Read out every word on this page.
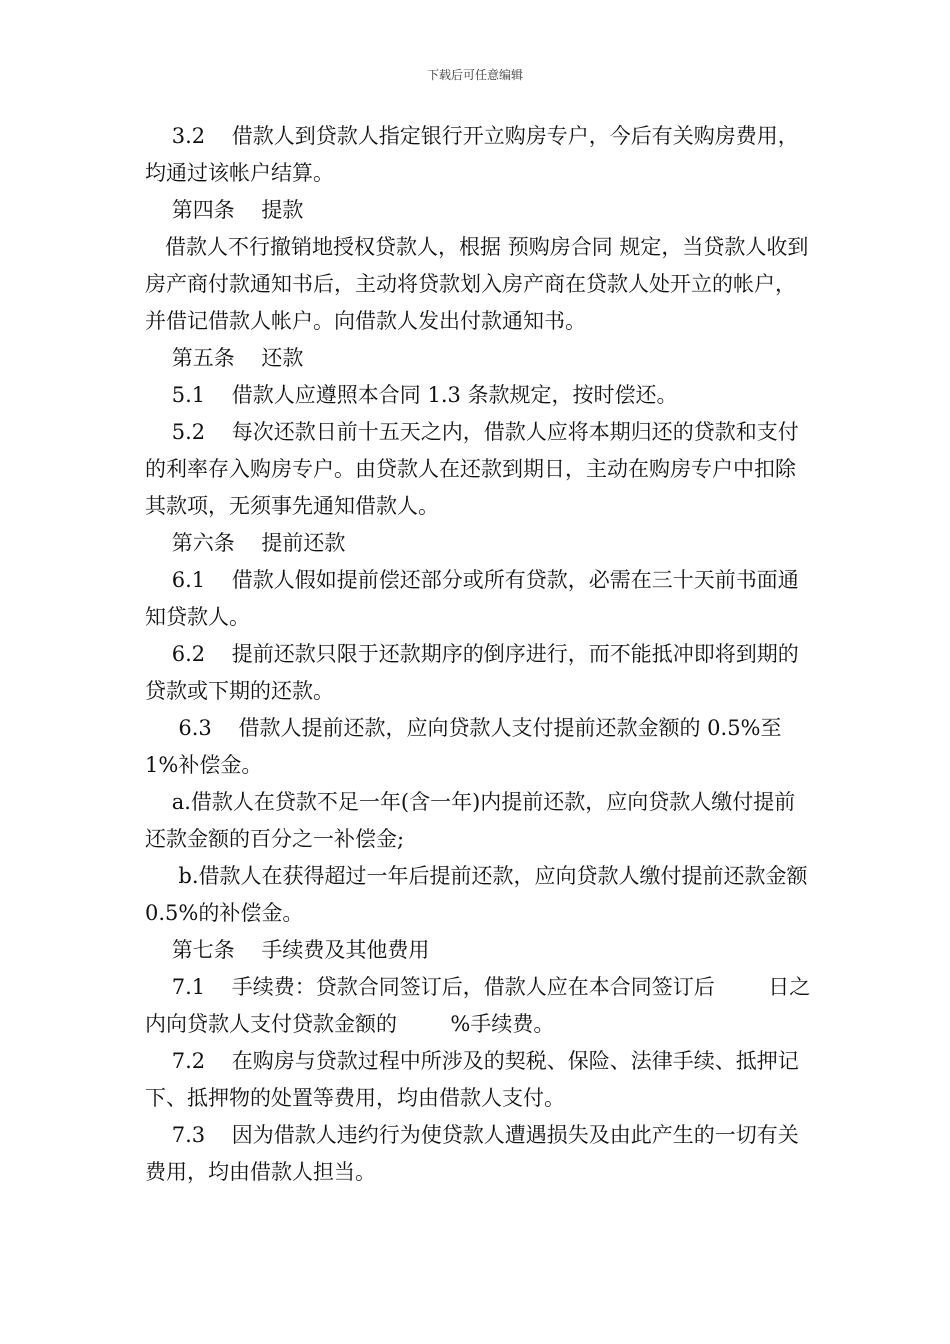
下载后可任意编辑

3.2    借款人到贷款人指定银行开立购房专户，今后有关购房费用，均通过该帐户结算。

第四条    提款

借款人不行撤销地授权贷款人，根据 预购房合同 规定，当贷款人收到房产商付款通知书后，主动将贷款划入房产商在贷款人处开立的帐户，并借记借款人帐户。向借款人发出付款通知书。

第五条    还款

5.1    借款人应遵照本合同 1.3 条款规定，按时偿还。

5.2    每次还款日前十五天之内，借款人应将本期归还的贷款和支付的利率存入购房专户。由贷款人在还款到期日，主动在购房专户中扣除其款项，无须事先通知借款人。

第六条    提前还款

6.1    借款人假如提前偿还部分或所有贷款，必需在三十天前书面通知贷款人。

6.2    提前还款只限于还款期序的倒序进行，而不能抵冲即将到期的贷款或下期的还款。

6.3    借款人提前还款，应向贷款人支付提前还款金额的 0.5%至 1%补偿金。

a.借款人在贷款不足一年(含一年)内提前还款，应向贷款人缴付提前还款金额的百分之一补偿金;

b.借款人在获得超过一年后提前还款，应向贷款人缴付提前还款金额 0.5%的补偿金。

第七条    手续费及其他费用

7.1    手续费：贷款合同签订后，借款人应在本合同签订后        日之内向贷款人支付贷款金额的        %手续费。

7.2    在购房与贷款过程中所涉及的契税、保险、法律手续、抵押记下、抵押物的处置等费用，均由借款人支付。

7.3    因为借款人违约行为使贷款人遭遇损失及由此产生的一切有关费用，均由借款人担当。
